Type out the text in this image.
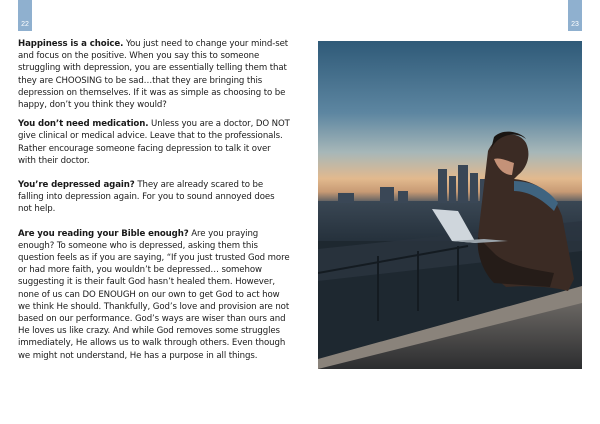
22	23

Happiness is a choice. You just need to change your mind-set and focus on the positive. When you say this to someone struggling with depression, you are essentially telling them that they are CHOOSING to be sad…that they are bringing this depression on themselves. If it was as simple as choosing to be happy, don’t you think they would?

You don’t need medication. Unless you are a doctor, DO NOT give clinical or medical advice. Leave that to the professionals. Rather encourage someone facing depression to talk it over with their doctor.

You’re depressed again? They are already scared to be falling into depression again. For you to sound annoyed does not help.

Are you reading your Bible enough? Are you praying enough? To someone who is depressed, asking them this question feels as if you are saying, “If you just trusted God more or had more faith, you wouldn’t be depressed… somehow suggesting it is their fault God hasn’t healed them. However, none of us can DO ENOUGH on our own to get God to act how we think He should. Thankfully, God’s love and provision are not based on our performance. God’s ways are wiser than ours and He loves us like crazy. And while God removes some struggles immediately, He allows us to walk through others. Even though we might not understand, He has a purpose in all things.
